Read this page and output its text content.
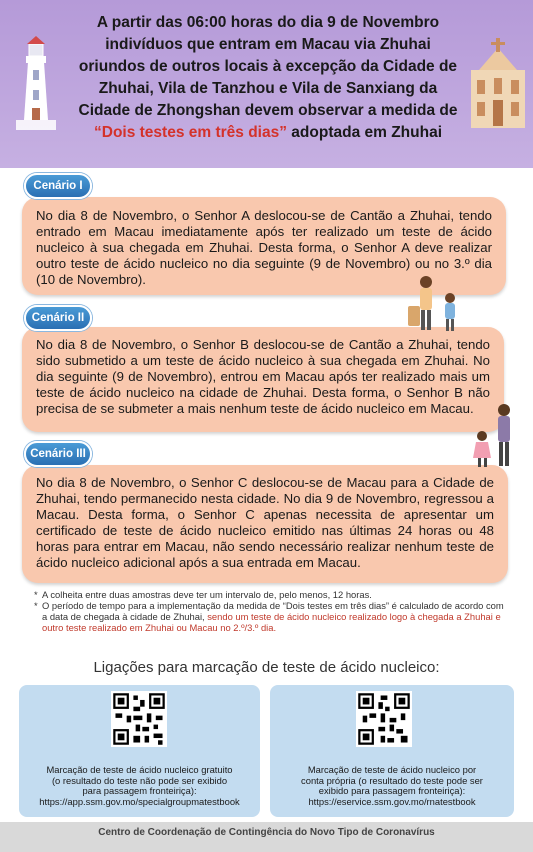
A partir das 06:00 horas do dia 9 de Novembro
indivíduos que entram em Macau via Zhuhai
oriundos de outros locais à excepção da Cidade de
Zhuhai, Vila de Tanzhou e Vila de Sanxiang da
Cidade de Zhongshan devem observar a medida de
“Dois testes em três dias” adoptada em Zhuhai
No dia 8 de Novembro, o Senhor A deslocou-se de Cantão a Zhuhai, tendo entrado em Macau imediatamente após ter realizado um teste de ácido nucleico à sua chegada em Zhuhai. Desta forma, o Senhor A deve realizar outro teste de ácido nucleico no dia seguinte (9 de Novembro) ou no 3.º dia (10 de Novembro).
Cenário I
No dia 8 de Novembro, o Senhor B deslocou-se de Cantão a Zhuhai, tendo sido submetido a um teste de ácido nucleico à sua chegada em Zhuhai. No dia seguinte (9 de Novembro), entrou em Macau após ter realizado mais um teste de ácido nucleico na cidade de Zhuhai. Desta forma, o Senhor B não precisa de se submeter a mais nenhum teste de ácido nucleico em Macau.
Cenário II
No dia 8 de Novembro, o Senhor C deslocou-se de Macau para a Cidade de Zhuhai, tendo permanecido nesta cidade. No dia 9 de Novembro, regressou a Macau. Desta forma, o Senhor C apenas necessita de apresentar um certificado de teste de ácido nucleico emitido nas últimas 24 horas ou 48 horas para entrar em Macau, não sendo necessário realizar nenhum teste de ácido nucleico adicional após a sua entrada em Macau.
Cenário III
* A colheita entre duas amostras deve ter um intervalo de, pelo menos, 12 horas.
* O período de tempo para a implementação da medida de “Dois testes em três dias” é calculado de acordo com a data de chegada à cidade de Zhuhai, sendo um teste de ácido nucleico realizado logo à chegada a Zhuhai e outro teste realizado em Zhuhai ou Macau no 2.º/3.º dia.
Ligações para marcação de teste de ácido nucleico:
Marcação de teste de ácido nucleico gratuito
(o resultado do teste não pode ser exibido
para passagem fronteiriça):
https://app.ssm.gov.mo/specialgroupmatestbook
Marcação de teste de ácido nucleico por
conta própria (o resultado do teste pode ser
exibido para passagem fronteiriça):
https://eservice.ssm.gov.mo/rnatestbook
Centro de Coordenação de Contingência do Novo Tipo de Coronavírus
